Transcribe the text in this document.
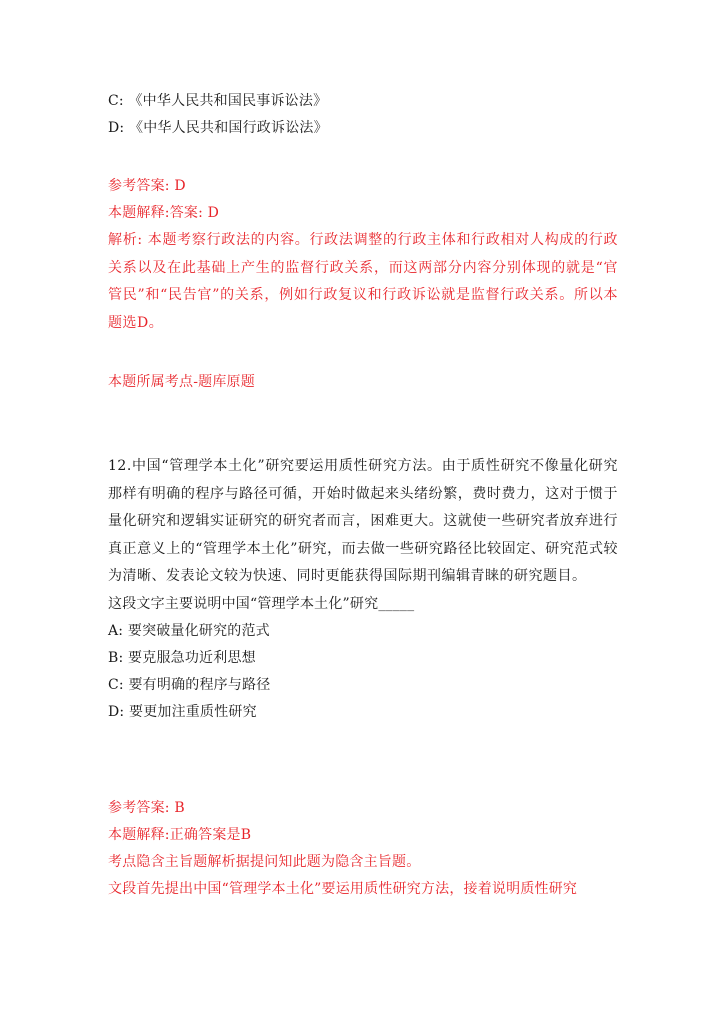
C: 《中华人民共和国民事诉讼法》
D: 《中华人民共和国行政诉讼法》
参考答案: D
本题解释:答案: D
解析: 本题考察行政法的内容。行政法调整的行政主体和行政相对人构成的行政关系以及在此基础上产生的监督行政关系，而这两部分内容分别体现的就是“官管民”和“民告官”的关系，例如行政复议和行政诉讼就是监督行政关系。所以本题选D。
本题所属考点-题库原题
12.中国“管理学本土化”研究要运用质性研究方法。由于质性研究不像量化研究那样有明确的程序与路径可循，开始时做起来头绪纷繁，费时费力，这对于惯于量化研究和逻辑实证研究的研究者而言，困难更大。这就使一些研究者放弃进行真正意义上的“管理学本土化”研究，而去做一些研究路径比较固定、研究范式较为清晰、发表论文较为快速、同时更能获得国际期刊编辑青睐的研究题目。
这段文字主要说明中国“管理学本土化”研究_____
A: 要突破量化研究的范式
B: 要克服急功近利思想
C: 要有明确的程序与路径
D: 要更加注重质性研究
参考答案: B
本题解释:正确答案是B
考点隐含主旨题解析据提问知此题为隐含主旨题。
文段首先提出中国“管理学本土化”要运用质性研究方法，接着说明质性研究
